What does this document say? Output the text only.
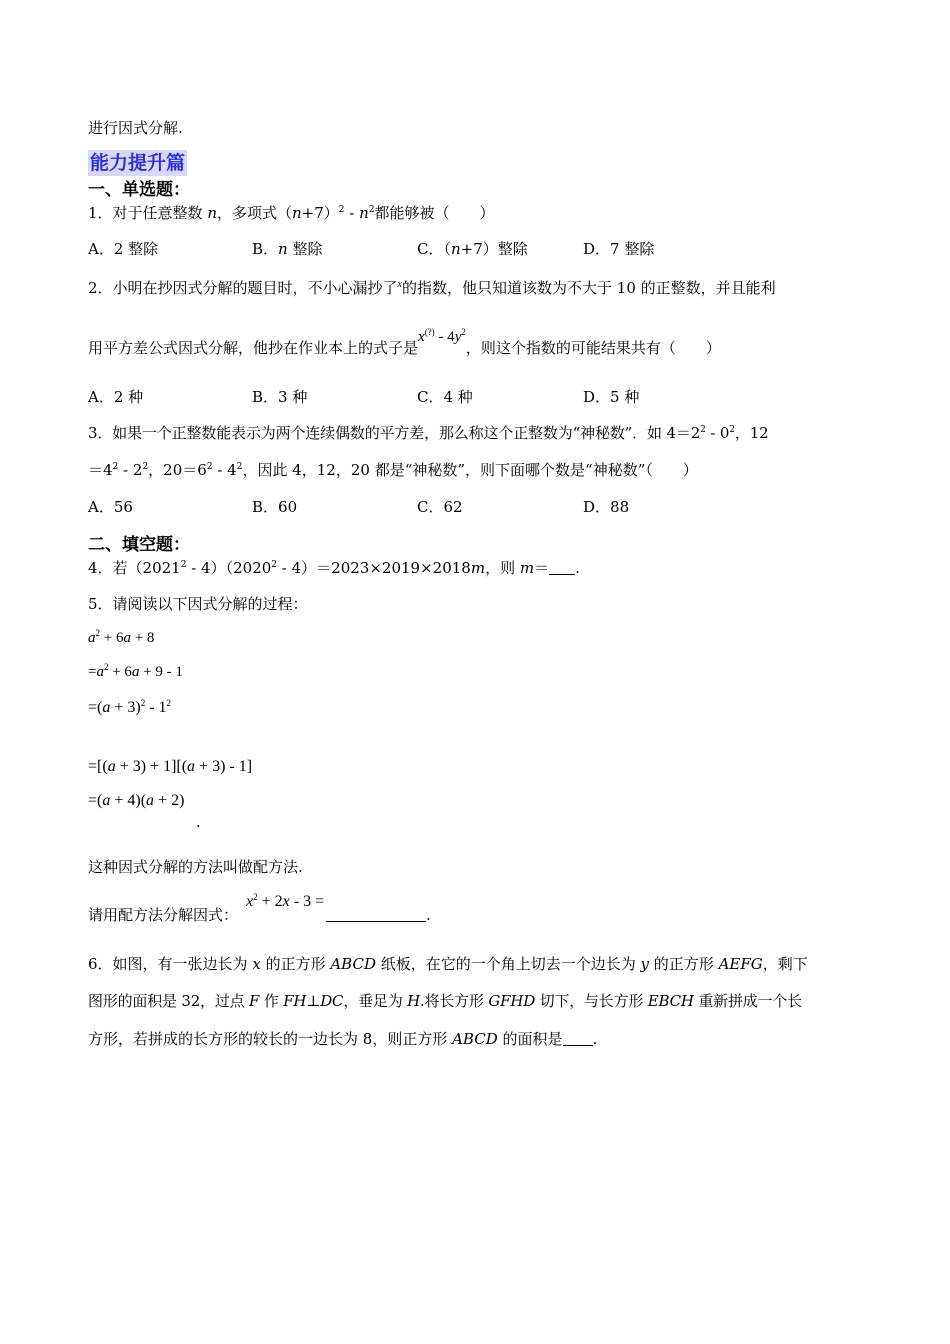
进行因式分解.
能力提升篇
一、单选题：
1．对于任意整数 n，多项式$(n+7)^2 - n^2$都能够被（　　）
A．2 整除	B．n 整除	C．（n+7）整除	D．7 整除
2．小明在抄因式分解的题目时，不小心漏抄了$^x$的指数，他只知道该数为不大于 10 的正整数，并且能利
用平方差公式因式分解，他抄在作业本上的式子是$x^{(?)} - 4y^2$，则这个指数的可能结果共有（　　）
A．2 种	B．3 种	C．4 种	D．5 种
3．如果一个正整数能表示为两个连续偶数的平方差，那么称这个正整数为“神秘数”．如 $4=2^2 - 0^2$，12
$=4^2 - 2^2$，$20=6^2 - 4^2$，因此 4，12，20 都是“神秘数”，则下面哪个数是“神秘数”（　　）
A．56	B．60	C．62	D．88
二、填空题：
4．若（2021$^2$ - 4）（2020$^2$ - 4）＝2023×2019×2018m，则 m＝ .
5．请阅读以下因式分解的过程：
$a^2 + 6a + 8$
$=a^2 + 6a + 9 - 1$
$=(a + 3)^2 - 1^2$
=[(a + 3) + 1][(a + 3) - 1]
=(a + 4)(a + 2)
.
这种因式分解的方法叫做配方法.
请用配方法分解因式：$x^2 + 2x - 3$ =.
6．如图，有一张边长为 x 的正方形 ABCD 纸板，在它的一个角上切去一个边长为 y 的正方形 AEFG，剩下
图形的面积是 32，过点 F 作 FH⊥DC，垂足为 H.将长方形 GFHD 切下，与长方形 EBCH 重新拼成一个长
方形，若拼成的长方形的较长的一边长为 8，则正方形 ABCD 的面积是 .
